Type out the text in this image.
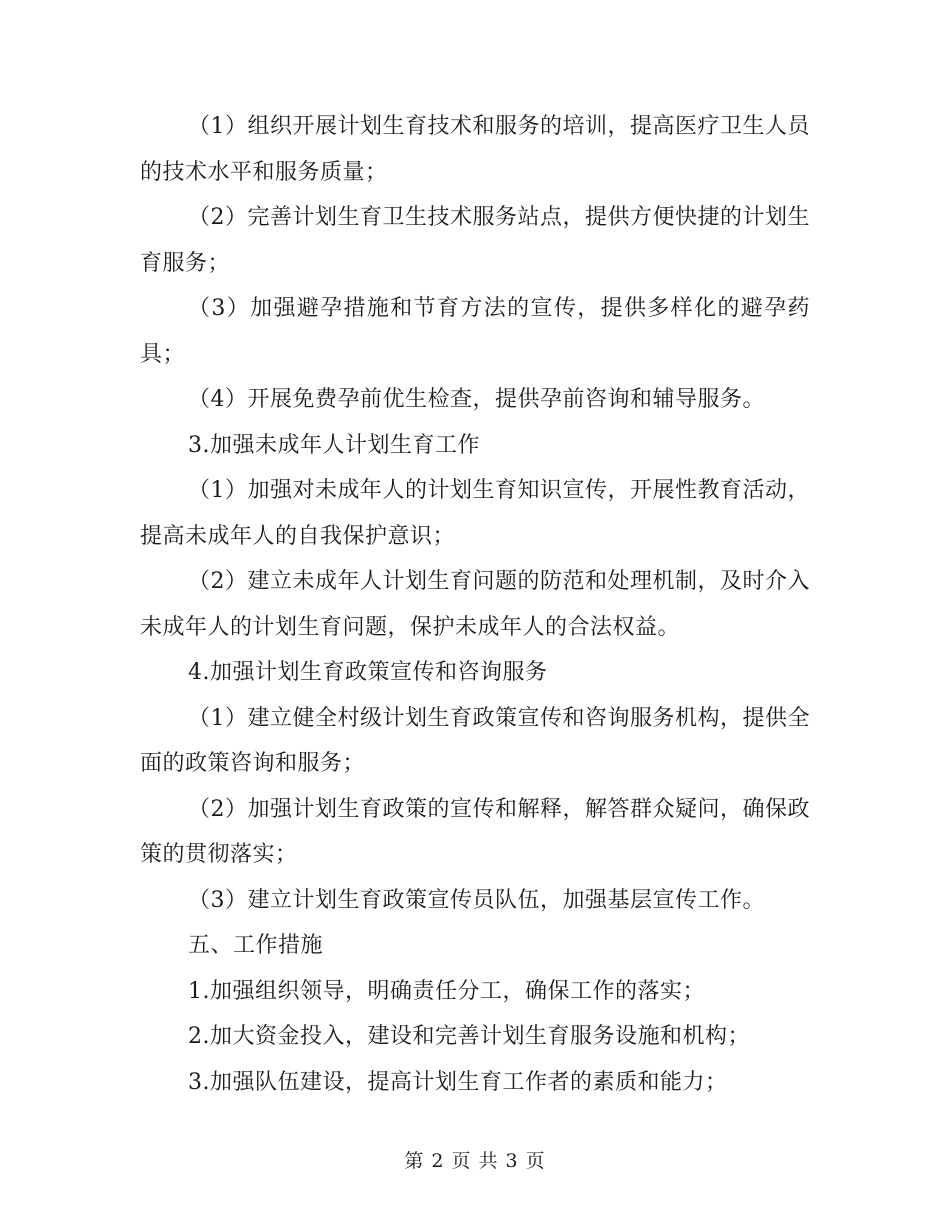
（1）组织开展计划生育技术和服务的培训，提高医疗卫生人员的技术水平和服务质量；

（2）完善计划生育卫生技术服务站点，提供方便快捷的计划生育服务；

（3）加强避孕措施和节育方法的宣传，提供多样化的避孕药具；

（4）开展免费孕前优生检查，提供孕前咨询和辅导服务。

3.加强未成年人计划生育工作

（1）加强对未成年人的计划生育知识宣传，开展性教育活动，提高未成年人的自我保护意识；

（2）建立未成年人计划生育问题的防范和处理机制，及时介入未成年人的计划生育问题，保护未成年人的合法权益。

4.加强计划生育政策宣传和咨询服务

（1）建立健全村级计划生育政策宣传和咨询服务机构，提供全面的政策咨询和服务；

（2）加强计划生育政策的宣传和解释，解答群众疑问，确保政策的贯彻落实；

（3）建立计划生育政策宣传员队伍，加强基层宣传工作。

五、工作措施

1.加强组织领导，明确责任分工，确保工作的落实；

2.加大资金投入，建设和完善计划生育服务设施和机构；

3.加强队伍建设，提高计划生育工作者的素质和能力；

第 2 页 共 3 页
